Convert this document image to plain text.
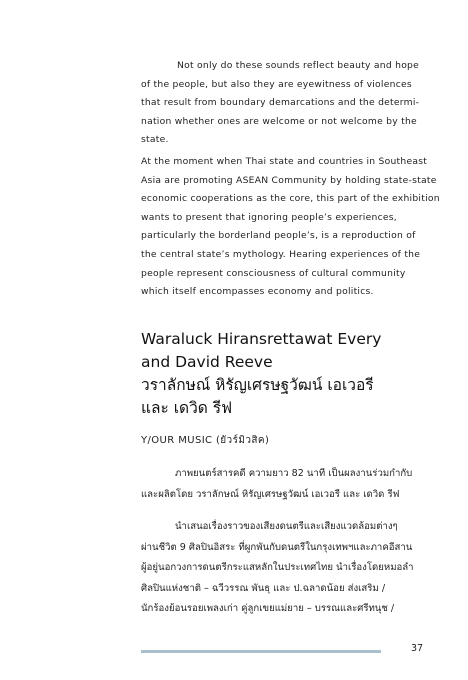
Not only do these sounds reflect beauty and hope
of the people, but also they are eyewitness of violences
that result from boundary demarcations and the determi-
nation whether ones are welcome or not welcome by the
state.

At the moment when Thai state and countries in Southeast
Asia are promoting ASEAN Community by holding state-state
economic cooperations as the core, this part of the exhibition
wants to present that ignoring people’s experiences,
particularly the borderland people’s, is a reproduction of
the central state’s mythology. Hearing experiences of the
people represent consciousness of cultural community
which itself encompasses economy and politics.

Waraluck Hiransrettawat Every
and David Reeve
วราลักษณ์ หิรัญเศรษฐวัฒน์ เอเวอรี
และ เดวิด รีฟ
Y/OUR MUSIC (ยัวร์มิวสิค)

ภาพยนตร์สารคดี ความยาว 82 นาที เป็นผลงานร่วมกำกับ
และผลิตโดย วราลักษณ์ หิรัญเศรษฐวัฒน์ เอเวอรี และ เดวิด รีฟ

นำเสนอเรื่องราวของเสียงดนตรีและเสียงแวดล้อมต่างๆ
ผ่านชีวิต 9 ศิลปินอิสระ ที่ผูกพันกับดนตรีในกรุงเทพฯและภาคอีสาน
ผู้อยู่นอกวงการดนตรีกระแสหลักในประเทศไทย นำเรื่องโดยหมอลำ
ศิลปินแห่งชาติ – ฉวีวรรณ พันธุ และ ป.ฉลาดน้อย ส่งเสริม /
นักร้องย้อนรอยเพลงเก่า คู่ลูกเขยแม่ยาย – บรรณและศรีทนุช /

37
